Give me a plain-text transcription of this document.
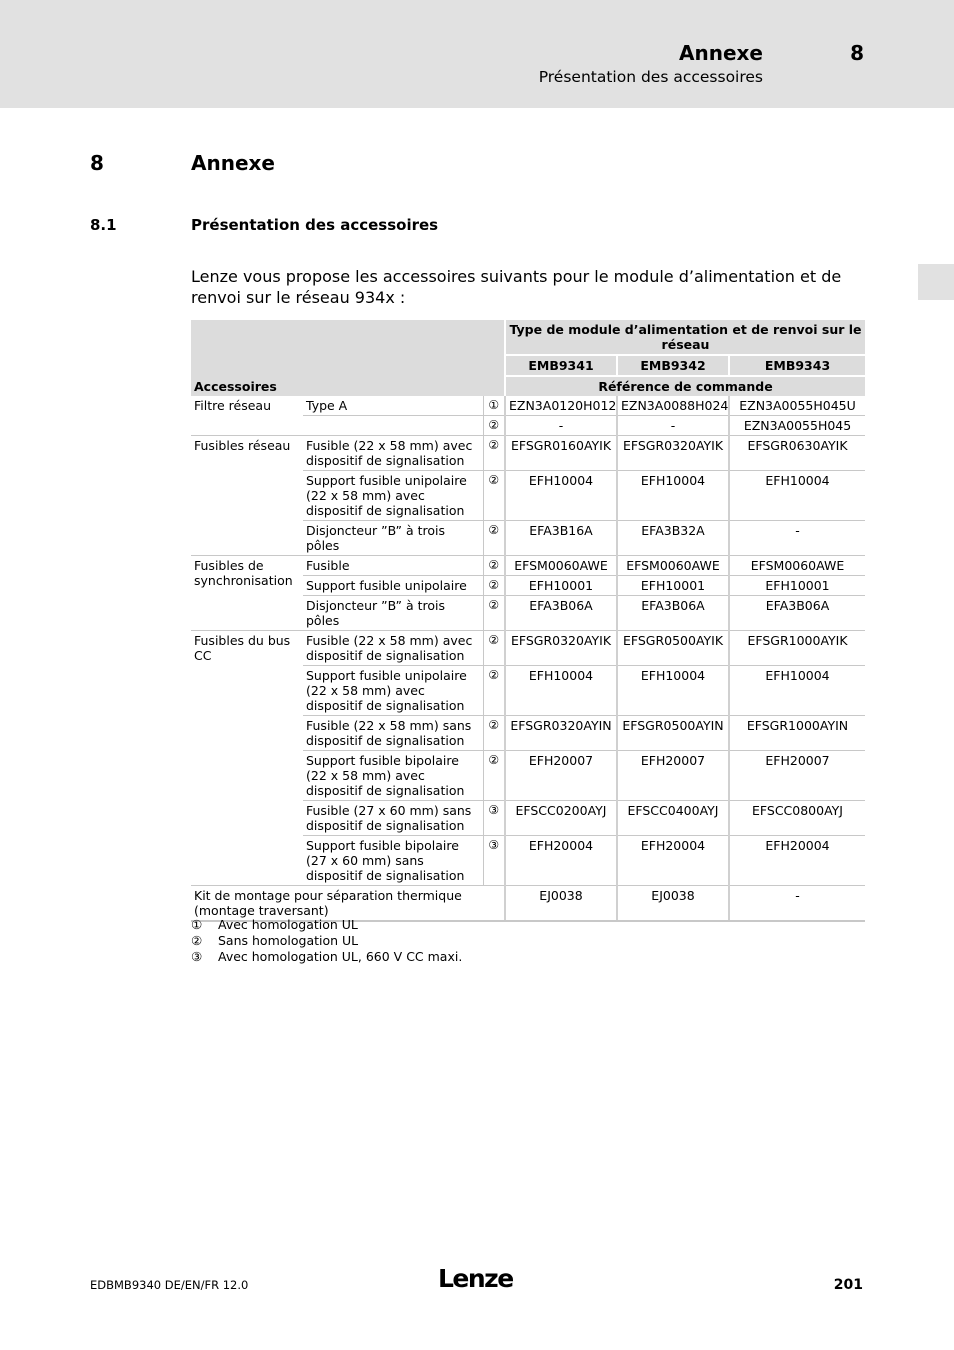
Annexe	8
Présentation des accessoires
8	Annexe
8.1	Présentation des accessoires
Lenze vous propose les accessoires suivants pour le module d’alimentation et de renvoi sur le réseau 934x :
Accessoires			Type de module d’alimentation et de renvoi sur le réseau		
			EMB9341	EMB9342	EMB9343
			Référence de commande		
Filtre réseau	Type A	①	EZN3A0120H012	EZN3A0088H024	EZN3A0055H045U
		②	-	-	EZN3A0055H045
Fusibles réseau	Fusible (22 x 58 mm) avec dispositif de signalisation	②	EFSGR0160AYIK	EFSGR0320AYIK	EFSGR0630AYIK
	Support fusible unipolaire (22 x 58 mm) avec dispositif de signalisation	②	EFH10004	EFH10004	EFH10004
	Disjoncteur ”B” à trois pôles	②	EFA3B16A	EFA3B32A	-
Fusibles de synchronisation	Fusible	②	EFSM0060AWE	EFSM0060AWE	EFSM0060AWE
	Support fusible unipolaire	②	EFH10001	EFH10001	EFH10001
	Disjoncteur ”B” à trois pôles	②	EFA3B06A	EFA3B06A	EFA3B06A
Fusibles du bus CC	Fusible (22 x 58 mm) avec dispositif de signalisation	②	EFSGR0320AYIK	EFSGR0500AYIK	EFSGR1000AYIK
	Support fusible unipolaire (22 x 58 mm) avec dispositif de signalisation	②	EFH10004	EFH10004	EFH10004
	Fusible (22 x 58 mm) sans dispositif de signalisation	②	EFSGR0320AYIN	EFSGR0500AYIN	EFSGR1000AYIN
	Support fusible bipolaire (22 x 58 mm) avec dispositif de signalisation	②	EFH20007	EFH20007	EFH20007
	Fusible (27 x 60 mm) sans dispositif de signalisation	③	EFSCC0200AYJ	EFSCC0400AYJ	EFSCC0800AYJ
	Support fusible bipolaire (27 x 60 mm) sans dispositif de signalisation	③	EFH20004	EFH20004	EFH20004
Kit de montage pour séparation thermique (montage traversant)			EJ0038	EJ0038	-
①	Avec homologation UL
②	Sans homologation UL
③	Avec homologation UL, 660 V CC maxi.
EDBMB9340 DE/EN/FR 12.0	Lenze	201
